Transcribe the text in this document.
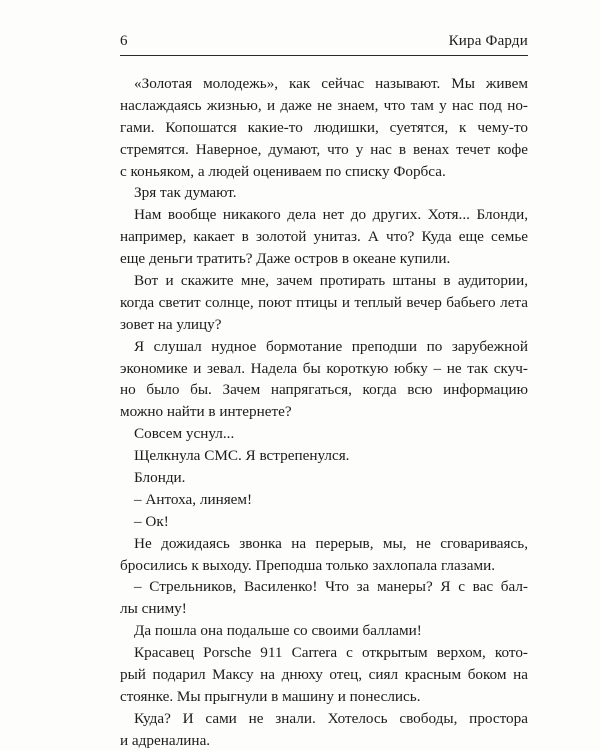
6	Кира Фарди
«Золотая молодежь», как сейчас называют. Мы живем
наслаждаясь жизнью, и даже не знаем, что там у нас под но-
гами. Копошатся какие-то людишки, суетятся, к чему-то
стремятся. Наверное, думают, что у нас в венах течет кофе
с коньяком, а людей оцениваем по списку Форбса.
Зря так думают.
Нам вообще никакого дела нет до других. Хотя... Блонди,
например, какает в золотой унитаз. А что? Куда еще семье
еще деньги тратить? Даже остров в океане купили.
Вот и скажите мне, зачем протирать штаны в аудитории,
когда светит солнце, поют птицы и теплый вечер бабьего лета
зовет на улицу?
Я слушал нудное бормотание преподши по зарубежной
экономике и зевал. Надела бы короткую юбку – не так скуч-
но было бы. Зачем напрягаться, когда всю информацию
можно найти в интернете?
Совсем уснул...
Щелкнула СМС. Я встрепенулся.
Блонди.
– Антоха, линяем!
– Ок!
Не дожидаясь звонка на перерыв, мы, не сговариваясь,
бросились к выходу. Преподша только захлопала глазами.
– Стрельников, Василенко! Что за манеры? Я с вас бал-
лы сниму!
Да пошла она подальше со своими баллами!
Красавец Porsche 911 Carrera с открытым верхом, кото-
рый подарил Максу на днюху отец, сиял красным боком на
стоянке. Мы прыгнули в машину и понеслись.
Куда? И сами не знали. Хотелось свободы, простора
и адреналина.
